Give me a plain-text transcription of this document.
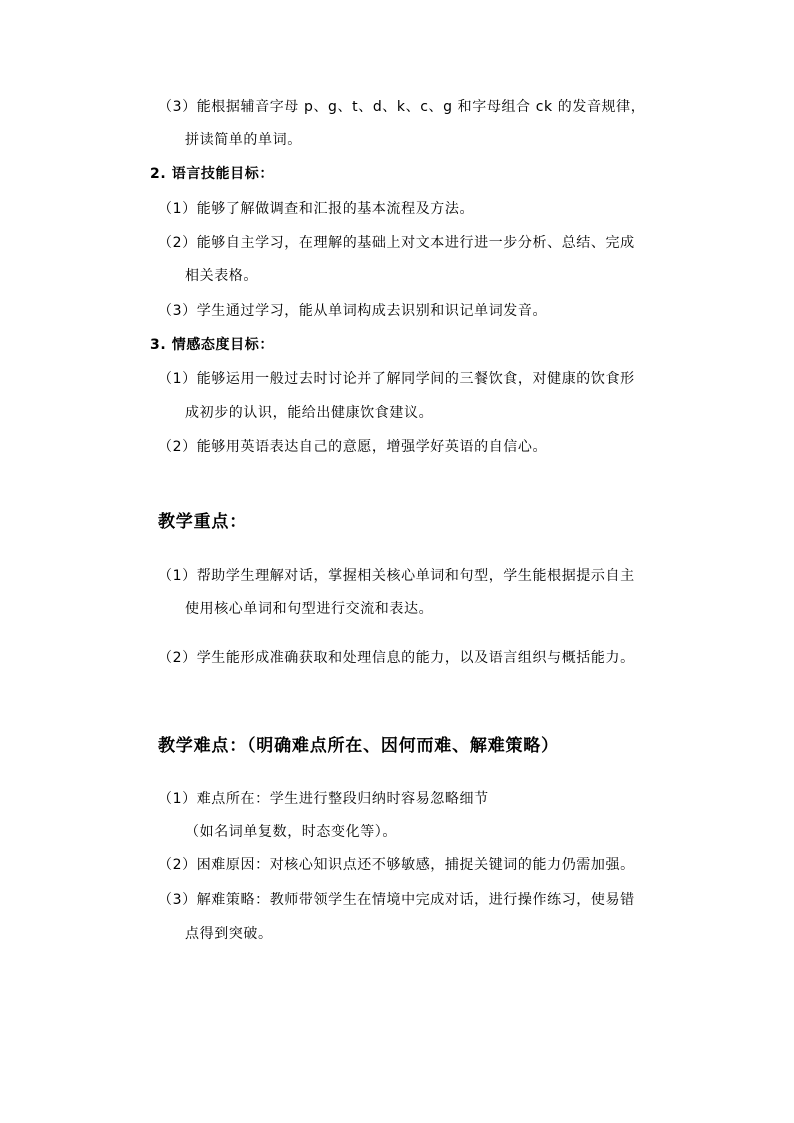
（3）能根据辅音字母 p、g、t、d、k、c、g 和字母组合 ck 的发音规律，
拼读简单的单词。
2. 语言技能目标：
（1）能够了解做调查和汇报的基本流程及方法。
（2）能够自主学习，在理解的基础上对文本进行进一步分析、总结、完成
相关表格。
（3）学生通过学习，能从单词构成去识别和识记单词发音。
3. 情感态度目标：
（1）能够运用一般过去时讨论并了解同学间的三餐饮食，对健康的饮食形
成初步的认识，能给出健康饮食建议。
（2）能够用英语表达自己的意愿，增强学好英语的自信心。
教学重点：
（1）帮助学生理解对话，掌握相关核心单词和句型，学生能根据提示自主
使用核心单词和句型进行交流和表达。
（2）学生能形成准确获取和处理信息的能力，以及语言组织与概括能力。
教学难点：（明确难点所在、因何而难、解难策略）
（1）难点所在：学生进行整段归纳时容易忽略细节
（如名词单复数，时态变化等）。
（2）困难原因：对核心知识点还不够敏感，捕捉关键词的能力仍需加强。
（3）解难策略：教师带领学生在情境中完成对话，进行操作练习，使易错
点得到突破。
